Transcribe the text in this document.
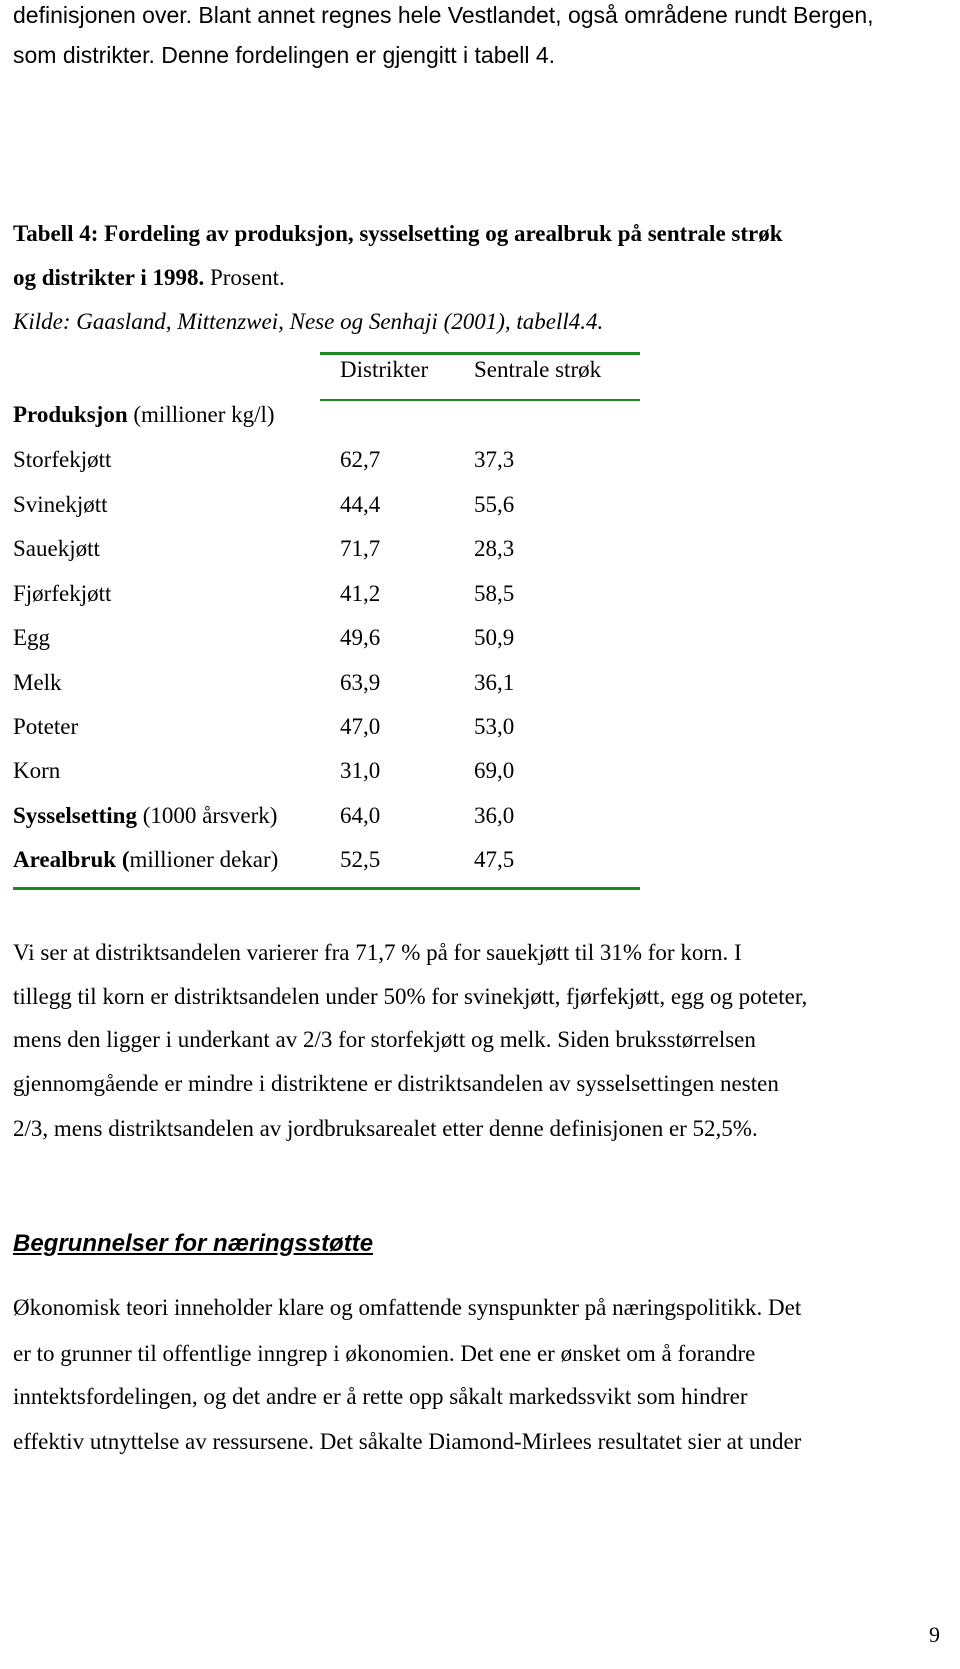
definisjonen over. Blant annet regnes hele Vestlandet, også områdene rundt Bergen,
som distrikter. Denne fordelingen er gjengitt i tabell 4.
Tabell 4: Fordeling av produksjon, sysselsetting og arealbruk på sentrale strøk
og distrikter i 1998. Prosent.
Kilde: Gaasland, Mittenzwei, Nese og Senhaji (2001), tabell4.4.
Distrikter Sentrale strøk
Produksjon (millioner kg/l)
Storfekjøtt	62,7	37,3
Svinekjøtt	44,4	55,6
Sauekjøtt	71,7	28,3
Fjørfekjøtt	41,2	58,5
Egg	49,6	50,9
Melk	63,9	36,1
Poteter	47,0	53,0
Korn	31,0	69,0
Sysselsetting (1000 årsverk)	64,0	36,0
Arealbruk (millioner dekar)	52,5	47,5
Vi ser at distriktsandelen varierer fra 71,7 % på for sauekjøtt til 31% for korn. I
tillegg til korn er distriktsandelen under 50% for svinekjøtt, fjørfekjøtt, egg og poteter,
mens den ligger i underkant av 2/3 for storfekjøtt og melk. Siden bruksstørrelsen
gjennomgående er mindre i distriktene er distriktsandelen av sysselsettingen nesten
2/3, mens distriktsandelen av jordbruksarealet etter denne definisjonen er 52,5%.
Begrunnelser for næringsstøtte
Økonomisk teori inneholder klare og omfattende synspunkter på næringspolitikk. Det
er to grunner til offentlige inngrep i økonomien. Det ene er ønsket om å forandre
inntektsfordelingen, og det andre er å rette opp såkalt markedssvikt som hindrer
effektiv utnyttelse av ressursene. Det såkalte Diamond-Mirlees resultatet sier at under
9
